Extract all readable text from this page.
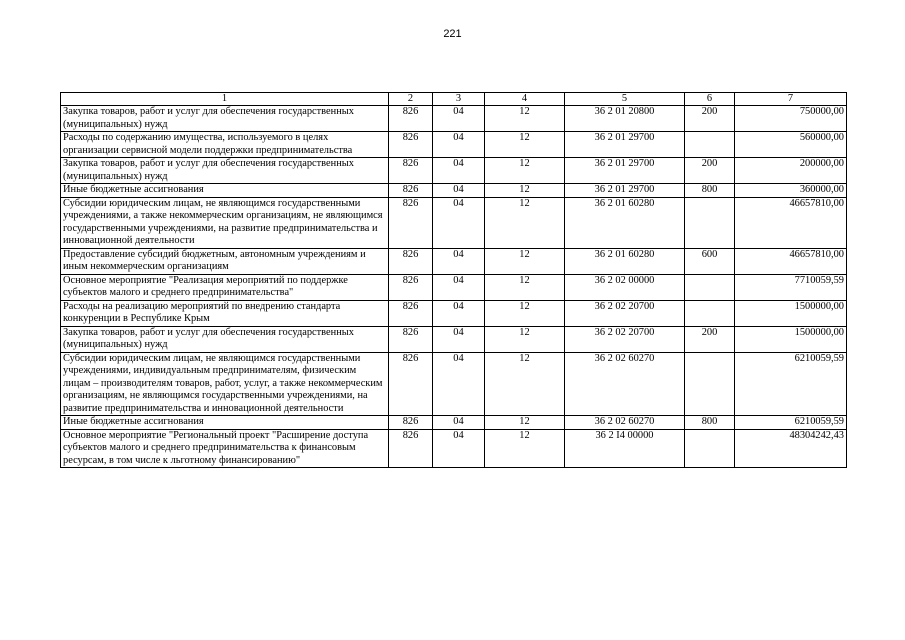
221
1	2	3	4	5	6	7
Закупка товаров, работ и услуг для обеспечения государственных (муниципальных) нужд	826	04	12	36 2 01 20800	200	750000,00
Расходы по содержанию имущества, используемого в целях организации сервисной модели поддержки предпринимательства	826	04	12	36 2 01 29700		560000,00
Закупка товаров, работ и услуг для обеспечения государственных (муниципальных) нужд	826	04	12	36 2 01 29700	200	200000,00
Иные бюджетные ассигнования	826	04	12	36 2 01 29700	800	360000,00
Субсидии юридическим лицам, не являющимся государственными учреждениями, а также некоммерческим организациям, не являющимся государственными учреждениями, на развитие предпринимательства и инновационной деятельности	826	04	12	36 2 01 60280		46657810,00
Предоставление субсидий бюджетным, автономным учреждениям и иным некоммерческим организациям	826	04	12	36 2 01 60280	600	46657810,00
Основное мероприятие "Реализация мероприятий по поддержке субъектов малого и среднего предпринимательства"	826	04	12	36 2 02 00000		7710059,59
Расходы на реализацию мероприятий по внедрению стандарта конкуренции в Республике Крым	826	04	12	36 2 02 20700		1500000,00
Закупка товаров, работ и услуг для обеспечения государственных (муниципальных) нужд	826	04	12	36 2 02 20700	200	1500000,00
Субсидии юридическим лицам, не являющимся государственными учреждениями, индивидуальным предпринимателям, физическим лицам – производителям товаров, работ, услуг, а также некоммерческим организациям, не являющимся государственными учреждениями, на развитие предпринимательства и инновационной деятельности	826	04	12	36 2 02 60270		6210059,59
Иные бюджетные ассигнования	826	04	12	36 2 02 60270	800	6210059,59
Основное мероприятие "Региональный проект "Расширение доступа субъектов малого и среднего предпринимательства к финансовым ресурсам, в том числе к льготному финансированию"	826	04	12	36 2 I4 00000		48304242,43
